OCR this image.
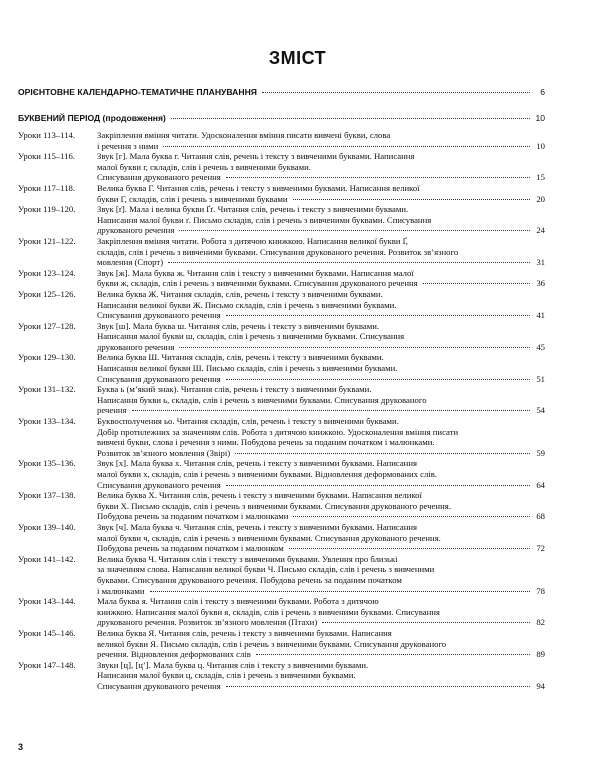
ЗМІСТ
ОРІЄНТОВНЕ КАЛЕНДАРНО-ТЕМАТИЧНЕ ПЛАНУВАННЯ	6
БУКВЕНИЙ ПЕРІОД (продовження)	10
Уроки 113–114.	Закріплення вміння читати. Удосконалення вміння писати вивчені букви, слова
і речення з ними	10
Уроки 115–116.	Звук [г]. Мала буква г. Читання слів, речень і тексту з вивченими буквами. Написання
малої букви г, складів, слів і речень з вивченими буквами.
Списування друкованого речення	15
Уроки 117–118.	Велика буква Г. Читання слів, речень і тексту з вивченими буквами. Написання великої
букви Г, складів, слів і речень з вивченими буквами	20
Уроки 119–120.	Звук [ґ]. Мала і велика букви Ґґ. Читання слів, речень і тексту з вивченими буквами.
Написання малої букви ґ. Письмо складів, слів і речень з вивченими буквами. Списування
друкованого речення	24
Уроки 121–122.	Закріплення вміння читати. Робота з дитячою книжкою. Написання великої букви Ґ,
складів, слів і речень з вивченими буквами. Списування друкованого речення. Розвиток зв’язного
мовлення (Спорт)	31
Уроки 123–124.	Звук [ж]. Мала буква ж. Читання слів і тексту з вивченими буквами. Написання малої
букви ж, складів, слів і речень з вивченими буквами. Списування друкованого речення	36
Уроки 125–126.	Велика буква Ж. Читання складів, слів, речень і тексту з вивченими буквами.
Написання великої букви Ж. Письмо складів, слів і речень з вивченими буквами.
Списування друкованого речення	41
Уроки 127–128.	Звук [ш]. Мала буква ш. Читання слів, речень і тексту з вивченими буквами.
Написання малої букви ш, складів, слів і речень з вивченими буквами. Списування
друкованого речення	45
Уроки 129–130.	Велика буква Ш. Читання складів, слів, речень і тексту з вивченими буквами.
Написання великої букви Ш. Письмо складів, слів і речень з вивченими буквами.
Списування друкованого речення	51
Уроки 131–132.	Буква ь (м’який знак). Читання слів, речень і тексту з вивченими буквами.
Написання букви ь, складів, слів і речень з вивченими буквами. Списування друкованого
речення	54
Уроки 133–134.	Буквосполучення ьо. Читання складів, слів, речень і тексту з вивченими буквами.
Добір протилежних за значенням слів. Робота з дитячою книжкою. Удосконалення вміння писати
вивчені букви, слова і речення з ними. Побудова речень за поданим початком і малюнками.
Розвиток зв’язного мовлення (Звірі)	59
Уроки 135–136.	Звук [х]. Мала буква х. Читання слів, речень і тексту з вивченими буквами. Написання
малої букви х, складів, слів і речень з вивченими буквами. Відновлення деформованих слів.
Списування друкованого речення	64
Уроки 137–138.	Велика буква Х. Читання слів, речень і тексту з вивченими буквами. Написання великої
букви Х. Письмо складів, слів і речень з вивченими буквами. Списування друкованого речення.
Побудова речень за поданим початком і малюнками	68
Уроки 139–140.	Звук [ч]. Мала буква ч. Читання слів, речень і тексту з вивченими буквами. Написання
малої букви ч, складів, слів і речень з вивченими буквами. Списування друкованого речення.
Побудова речень за поданим початком і малюнком	72
Уроки 141–142.	Велика буква Ч. Читання слів і тексту з вивченими буквами. Увлення про близькі
за значенням слова. Написання великої букви Ч. Письмо складів, слів і речень з вивченими
буквами. Списування друкованого речення. Побудова речень за поданим початком
і малюнками	78
Уроки 143–144.	Мала буква я. Читання слів і тексту з вивченими буквами. Робота з дитячою
книжкою. Написання малої букви я, складів, слів і речень з вивченими буквами. Списування
друкованого речення. Розвиток зв’язного мовлення (Птахи)	82
Уроки 145–146.	Велика буква Я. Читання слів, речень і тексту з вивченими буквами. Написання
великої букви Я. Письмо складів, слів і речень з вивченими буквами. Списування друкованого
речення. Відновлення деформованих слів	89
Уроки 147–148.	Звуки [ц], [ц’]. Мала буква ц. Читання слів і тексту з вивченими буквами.
Написання малої букви ц, складів, слів і речень з вивченими буквами.
Списування друкованого речення	94
3
